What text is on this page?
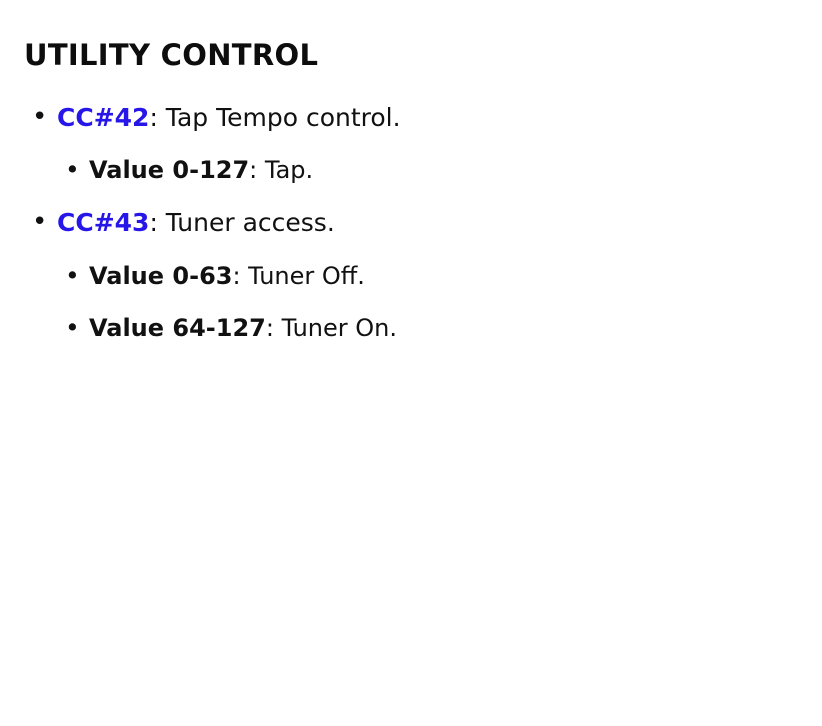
UTILITY CONTROL
• CC#42: Tap Tempo control.
• Value 0-127: Tap.
• CC#43: Tuner access.
• Value 0-63: Tuner Off.
• Value 64-127: Tuner On.
